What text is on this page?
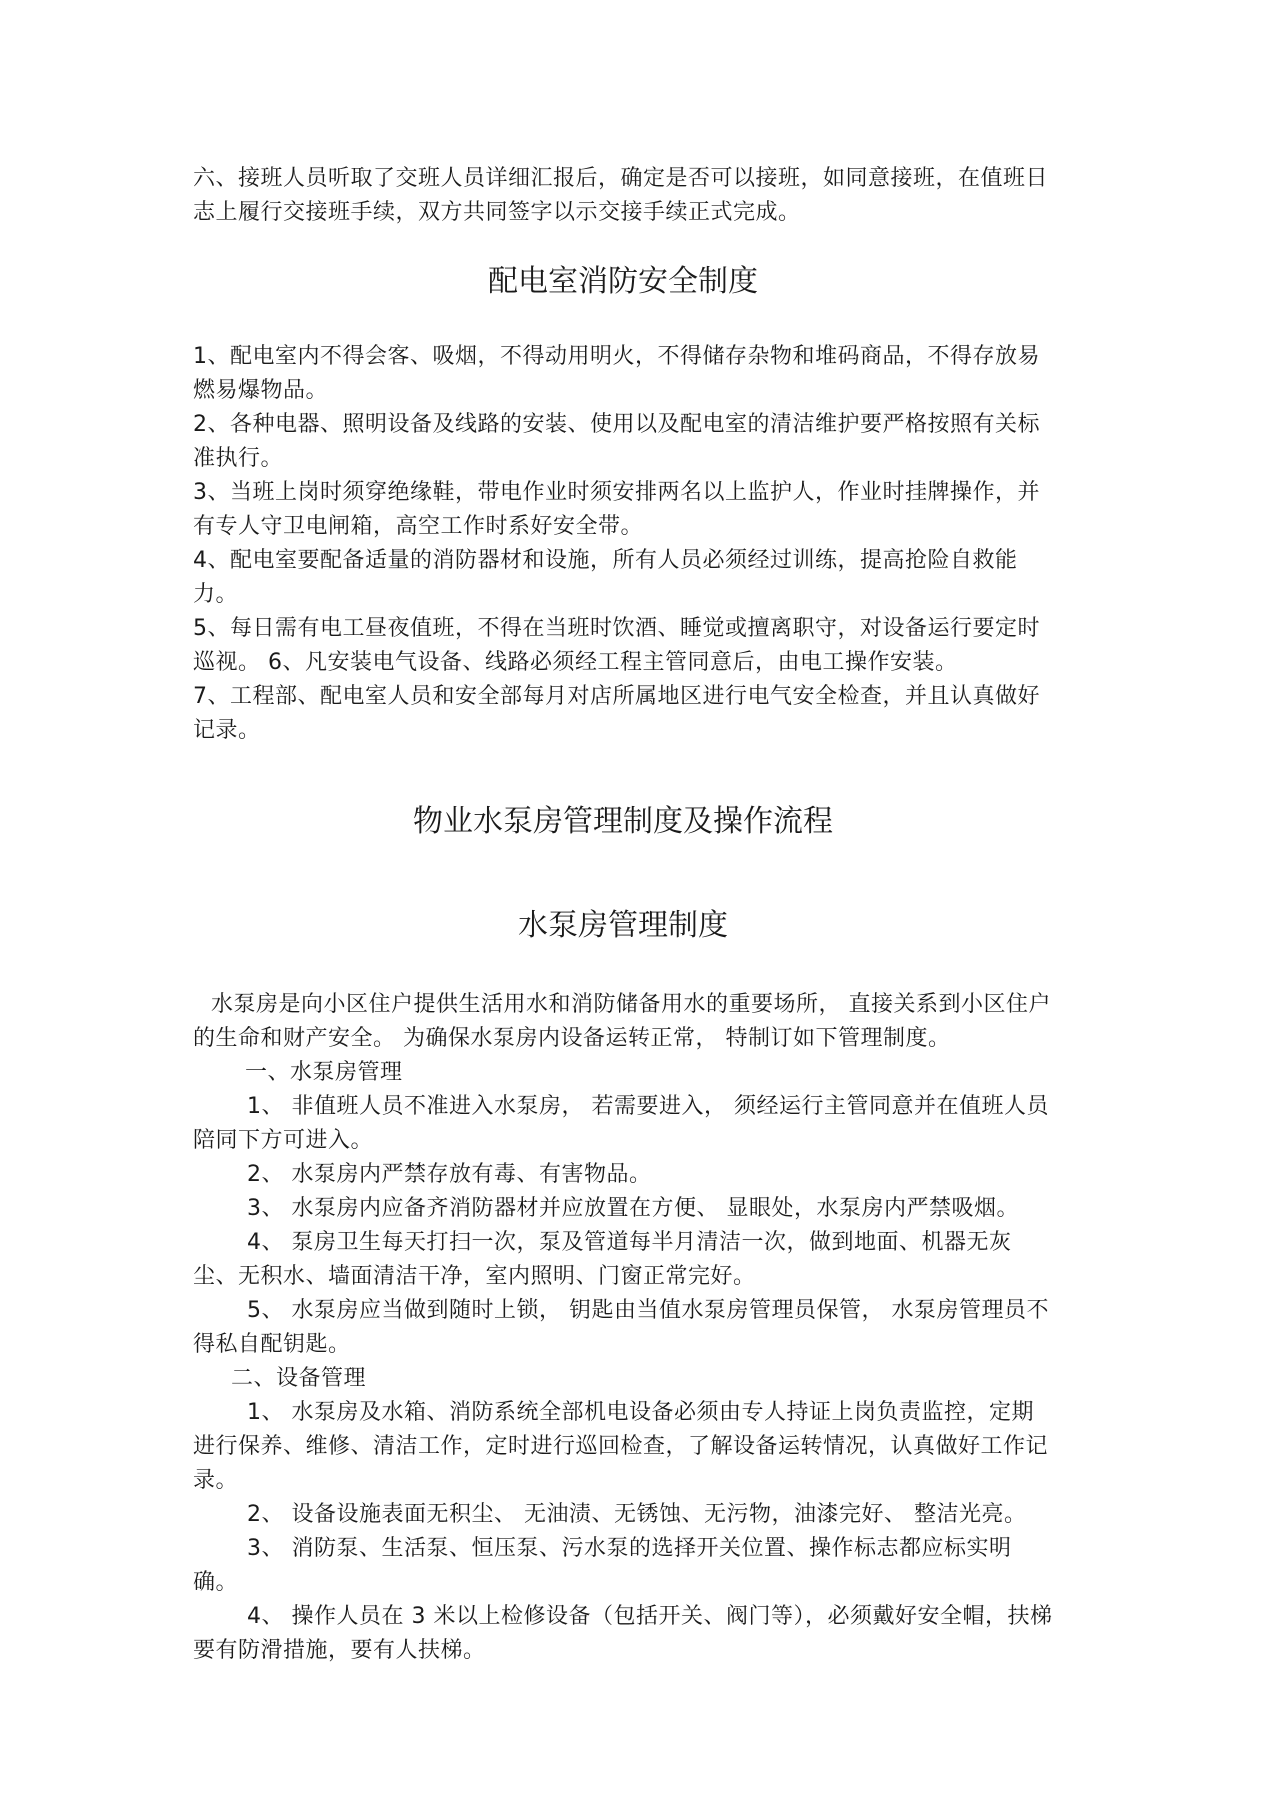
六、接班人员听取了交班人员详细汇报后，确定是否可以接班，如同意接班，在值班日志上履行交接班手续，双方共同签字以示交接手续正式完成。

配电室消防安全制度

1、配电室内不得会客、吸烟，不得动用明火，不得储存杂物和堆码商品，不得存放易燃易爆物品。

2、各种电器、照明设备及线路的安装、使用以及配电室的清洁维护要严格按照有关标准执行。

3、当班上岗时须穿绝缘鞋，带电作业时须安排两名以上监护人，作业时挂牌操作，并有专人守卫电闸箱，高空工作时系好安全带。

4、配电室要配备适量的消防器材和设施，所有人员必须经过训练，提高抢险自救能力。

5、每日需有电工昼夜值班，不得在当班时饮酒、睡觉或擅离职守，对设备运行要定时巡视。 6、凡安装电气设备、线路必须经工程主管同意后，由电工操作安装。

7、工程部、配电室人员和安全部每月对店所属地区进行电气安全检查，并且认真做好记录。

物业水泵房管理制度及操作流程
水泵房管理制度

水泵房是向小区住户提供生活用水和消防储备用水的重要场所， 直接关系到小区住户的生命和财产安全。 为确保水泵房内设备运转正常， 特制订如下管理制度。

一、水泵房管理

1、 非值班人员不准进入水泵房， 若需要进入， 须经运行主管同意并在值班人员陪同下方可进入。

2、 水泵房内严禁存放有毒、有害物品。

3、 水泵房内应备齐消防器材并应放置在方便、 显眼处，水泵房内严禁吸烟。

4、 泵房卫生每天打扫一次，泵及管道每半月清洁一次，做到地面、机器无灰尘、无积水、墙面清洁干净，室内照明、门窗正常完好。

5、 水泵房应当做到随时上锁， 钥匙由当值水泵房管理员保管， 水泵房管理员不得私自配钥匙。

二、设备管理

1、 水泵房及水箱、消防系统全部机电设备必须由专人持证上岗负责监控，定期进行保养、维修、清洁工作，定时进行巡回检查，了解设备运转情况，认真做好工作记录。

2、 设备设施表面无积尘、 无油渍、无锈蚀、无污物，油漆完好、 整洁光亮。

3、 消防泵、生活泵、恒压泵、污水泵的选择开关位置、操作标志都应标实明确。

4、 操作人员在 3 米以上检修设备（包括开关、阀门等），必须戴好安全帽，扶梯要有防滑措施，要有人扶梯。
